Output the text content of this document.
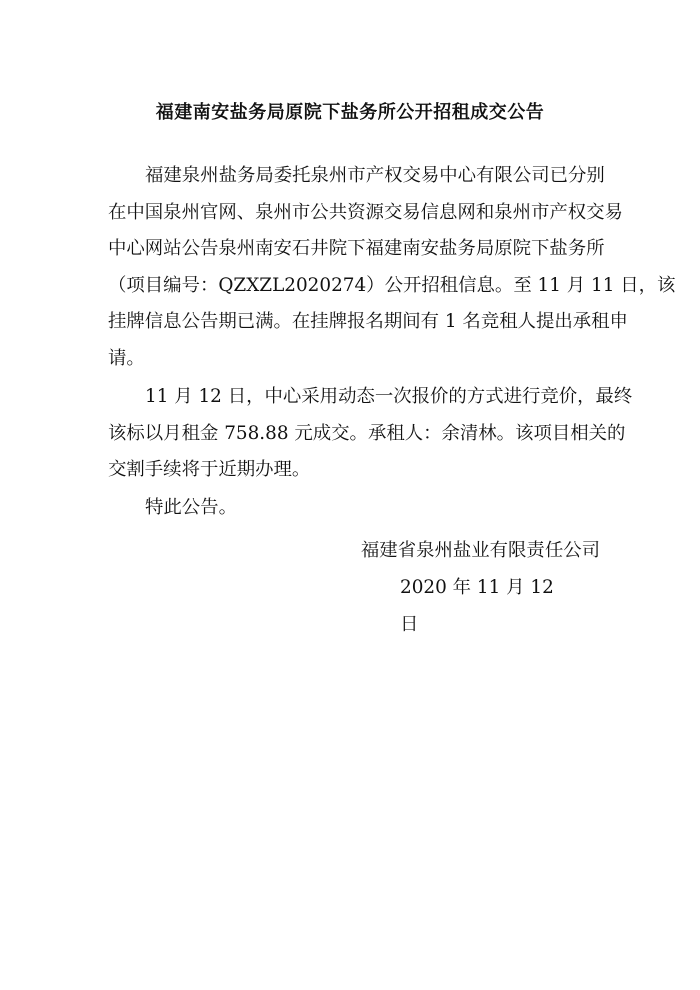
福建南安盐务局原院下盐务所公开招租成交公告
福建泉州盐务局委托泉州市产权交易中心有限公司已分别
在中国泉州官网、泉州市公共资源交易信息网和泉州市产权交易
中心网站公告泉州南安石井院下福建南安盐务局原院下盐务所
（项目编号：QZXZL2020274）公开招租信息。至 11 月 11 日，该
挂牌信息公告期已满。在挂牌报名期间有 1 名竞租人提出承租申
请。
11 月 12 日，中心采用动态一次报价的方式进行竞价，最终
该标以月租金 758.88 元成交。承租人：余清林。该项目相关的
交割手续将于近期办理。
特此公告。
福建省泉州盐业有限责任公司
2020 年 11 月 12 日
